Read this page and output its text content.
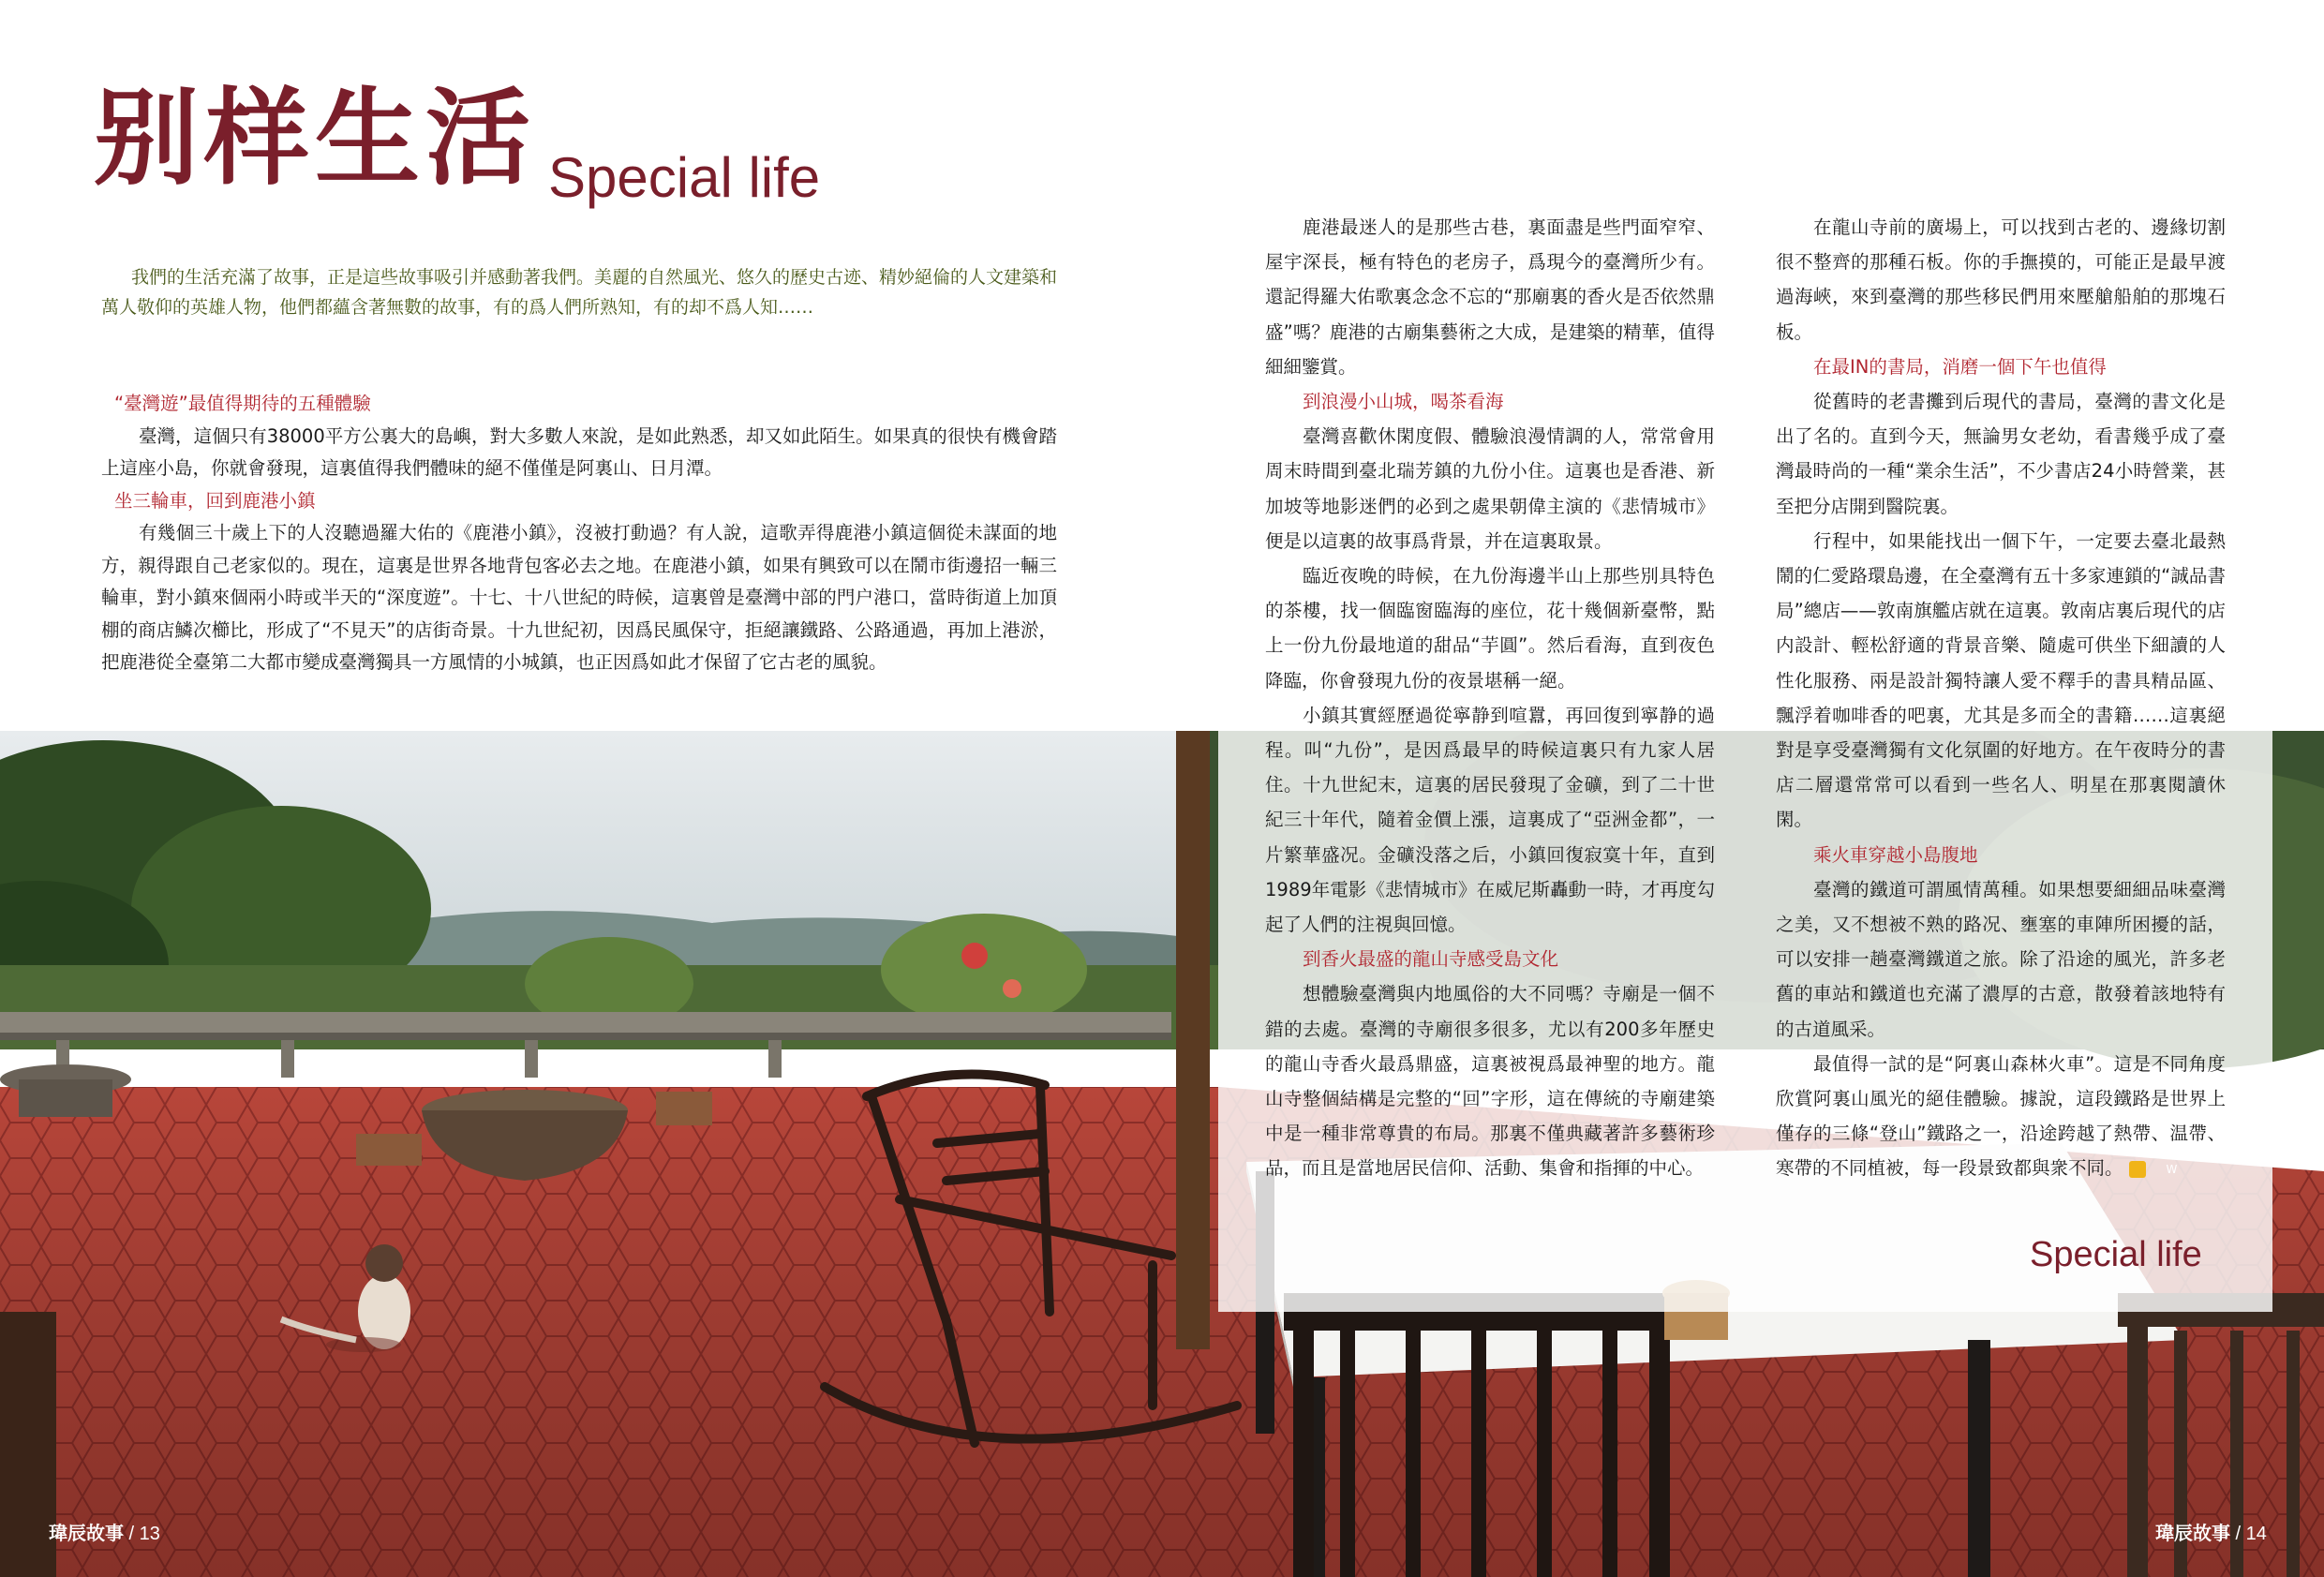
别样生活 Special life
我們的生活充滿了故事，正是這些故事吸引并感動著我們。美麗的自然風光、悠久的歷史古迹、精妙絕倫的人文建築和萬人敬仰的英雄人物，他們都蘊含著無數的故事，有的爲人們所熟知，有的却不爲人知……
“臺灣遊”最值得期待的五種體驗

臺灣，這個只有38000平方公裏大的島嶼，對大多數人來說，是如此熟悉，却又如此陌生。如果真的很快有機會踏上這座小島，你就會發現，這裏值得我們體味的絕不僅僅是阿裏山、日月潭。

坐三輪車，回到鹿港小鎮

有幾個三十歲上下的人沒聽過羅大佑的《鹿港小鎮》，沒被打動過？有人說，這歌弄得鹿港小鎮這個從未謀面的地方，親得跟自己老家似的。現在，這裏是世界各地背包客必去之地。在鹿港小鎮，如果有興致可以在鬧市街邊招一輛三輪車，對小鎮來個兩小時或半天的“深度遊”。十七、十八世紀的時候，這裏曾是臺灣中部的門户港口，當時街道上加頂棚的商店鱗次櫛比，形成了“不見天”的店街奇景。十九世紀初，因爲民風保守，拒絕讓鐵路、公路通過，再加上港淤，把鹿港從全臺第二大都市變成臺灣獨具一方風情的小城鎮，也正因爲如此才保留了它古老的風貌。

鹿港最迷人的是那些古巷，裏面盡是些門面窄窄、屋宇深長，極有特色的老房子，爲現今的臺灣所少有。還記得羅大佑歌裏念念不忘的“那廟裏的香火是否依然鼎盛”嗎？鹿港的古廟集藝術之大成，是建築的精華，值得細細鑒賞。

到浪漫小山城，喝茶看海

臺灣喜歡休閑度假、體驗浪漫情調的人，常常會用周末時間到臺北瑞芳鎮的九份小住。這裏也是香港、新加坡等地影迷們的必到之處果朝偉主演的《悲情城市》便是以這裏的故事爲背景，并在這裏取景。

臨近夜晚的時候，在九份海邊半山上那些別具特色的茶樓，找一個臨窗臨海的座位，花十幾個新臺幣，點上一份九份最地道的甜品“芋圓”。然后看海，直到夜色降臨，你會發現九份的夜景堪稱一絕。

小鎮其實經歷過從寧静到喧囂，再回復到寧静的過程。叫“九份”，是因爲最早的時候這裏只有九家人居住。十九世紀末，這裏的居民發現了金礦，到了二十世紀三十年代，隨着金價上漲，這裏成了“亞洲金都”，一片繁華盛况。金礦没落之后，小鎮回復寂寞十年，直到1989年電影《悲情城市》在威尼斯轟動一時，才再度勾起了人們的注視與回憶。

到香火最盛的龍山寺感受島文化

想體驗臺灣與内地風俗的大不同嗎？寺廟是一個不錯的去處。臺灣的寺廟很多很多，尤以有200多年歷史的龍山寺香火最爲鼎盛，這裏被視爲最神聖的地方。龍山寺整個結構是完整的“回”字形，這在傳統的寺廟建築中是一種非常尊貴的布局。那裏不僅典藏著許多藝術珍品，而且是當地居民信仰、活動、集會和指揮的中心。

在龍山寺前的廣場上，可以找到古老的、邊緣切割很不整齊的那種石板。你的手撫摸的，可能正是最早渡過海峽，來到臺灣的那些移民們用來壓艙船舶的那塊石板。

在最IN的書局，消磨一個下午也值得

從舊時的老書攤到后現代的書局，臺灣的書文化是出了名的。直到今天，無論男女老幼，看書幾乎成了臺灣最時尚的一種“業余生活”，不少書店24小時營業，甚至把分店開到醫院裏。

行程中，如果能找出一個下午，一定要去臺北最熱鬧的仁愛路環島邊，在全臺灣有五十多家連鎖的“誠品書局”總店——敦南旗艦店就在這裏。敦南店裏后現代的店内設計、輕松舒適的背景音樂、隨處可供坐下細讀的人性化服務、兩是設計獨特讓人愛不釋手的書具精品區、飄浮着咖啡香的吧裏，尤其是多而全的書籍……這裏絕對是享受臺灣獨有文化氛圍的好地方。在午夜時分的書店二層還常常可以看到一些名人、明星在那裏閱讀休閑。

乘火車穿越小島腹地

臺灣的鐵道可謂風情萬種。如果想要細細品味臺灣之美，又不想被不熟的路况、壅塞的車陣所困擾的話，可以安排一趟臺灣鐵道之旅。除了沿途的風光，許多老舊的車站和鐵道也充滿了濃厚的古意，散發着該地特有的古道風采。

最值得一試的是“阿裏山森林火車”。這是不同角度欣賞阿裏山風光的絕佳體驗。據說，這段鐵路是世界上僅存的三條“登山”鐵路之一，沿途跨越了熱帶、温帶、寒帶的不同植被，每一段景致都與衆不同。	W

Special life
瑋辰故事 / 13	瑋辰故事 / 14
